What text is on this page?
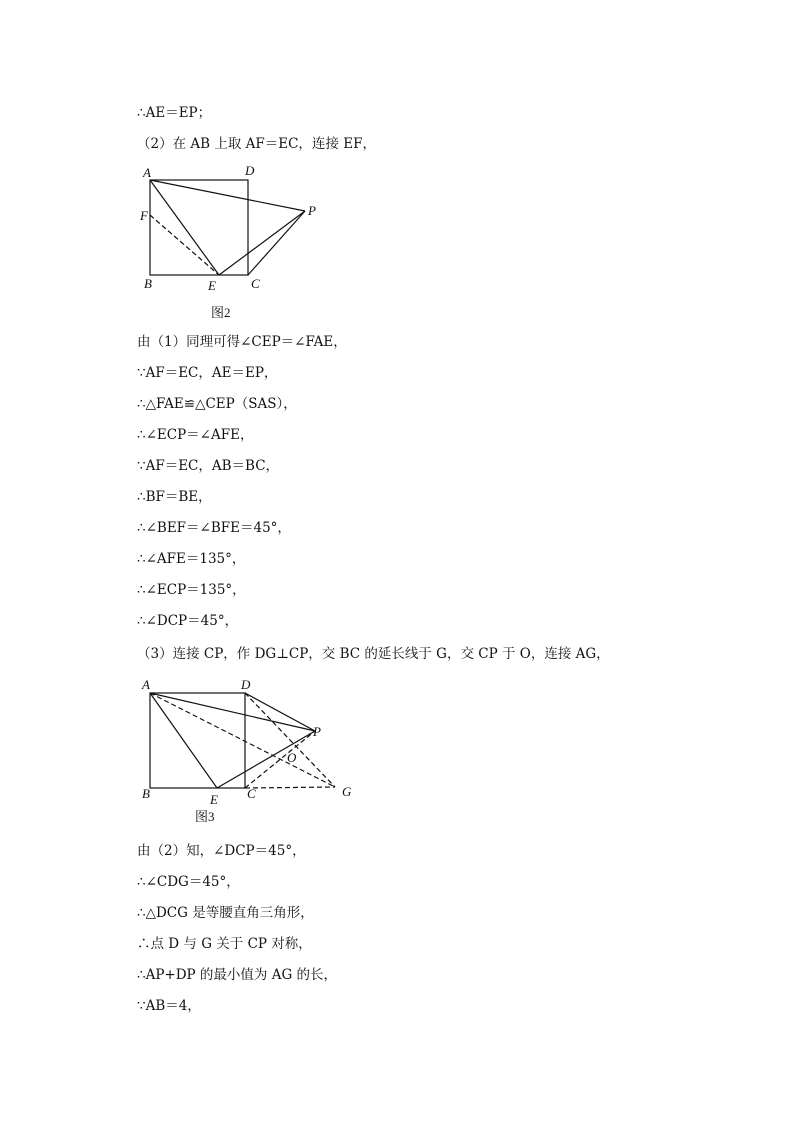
∴AE＝EP；
（2）在 AB 上取 AF＝EC，连接 EF，
A	D
F	P
B	E	C
图2
由（1）同理可得∠CEP＝∠FAE，
∵AF＝EC，AE＝EP，
∴△FAE≌△CEP（SAS），
∴∠ECP＝∠AFE，
∵AF＝EC，AB＝BC，
∴BF＝BE，
∴∠BEF＝∠BFE＝45°，
∴∠AFE＝135°，
∴∠ECP＝135°，
∴∠DCP＝45°，
（3）连接 CP，作 DG⊥CP，交 BC 的延长线于 G，交 CP 于 O，连接 AG，
A	D
P
O
B	E C	G
图3
由（2）知，∠DCP＝45°，
∴∠CDG＝45°，
∴△DCG 是等腰直角三角形，
∴点 D 与 G 关于 CP 对称，
∴AP+DP 的最小值为 AG 的长，
∵AB＝4，
